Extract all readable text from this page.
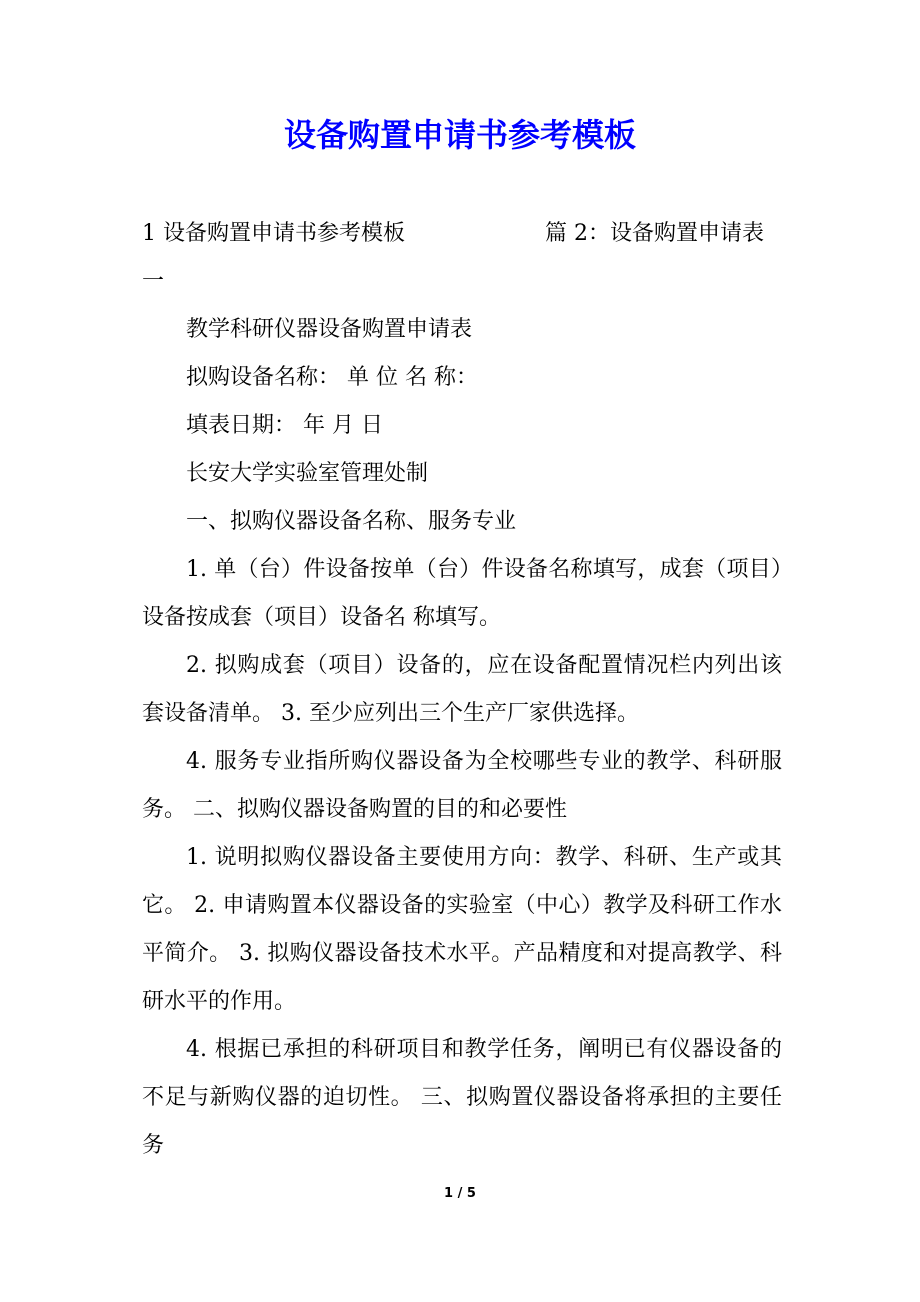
设备购置申请书参考模板

1 设备购置申请书参考模板	篇 2：设备购置申请表一

教学科研仪器设备购置申请表

拟购设备名称： 单 位 名 称：

填表日期： 年 月 日

长安大学实验室管理处制

一、拟购仪器设备名称、服务专业

1. 单（台）件设备按单（台）件设备名称填写，成套（项目）设备按成套（项目）设备名 称填写。

2. 拟购成套（项目）设备的，应在设备配置情况栏内列出该套设备清单。 3. 至少应列出三个生产厂家供选择。

4. 服务专业指所购仪器设备为全校哪些专业的教学、科研服务。 二、拟购仪器设备购置的目的和必要性

1. 说明拟购仪器设备主要使用方向：教学、科研、生产或其它。 2. 申请购置本仪器设备的实验室（中心）教学及科研工作水平简介。 3. 拟购仪器设备技术水平。产品精度和对提高教学、科研水平的作用。

4. 根据已承担的科研项目和教学任务，阐明已有仪器设备的不足与新购仪器的迫切性。 三、拟购置仪器设备将承担的主要任务

1 / 5
